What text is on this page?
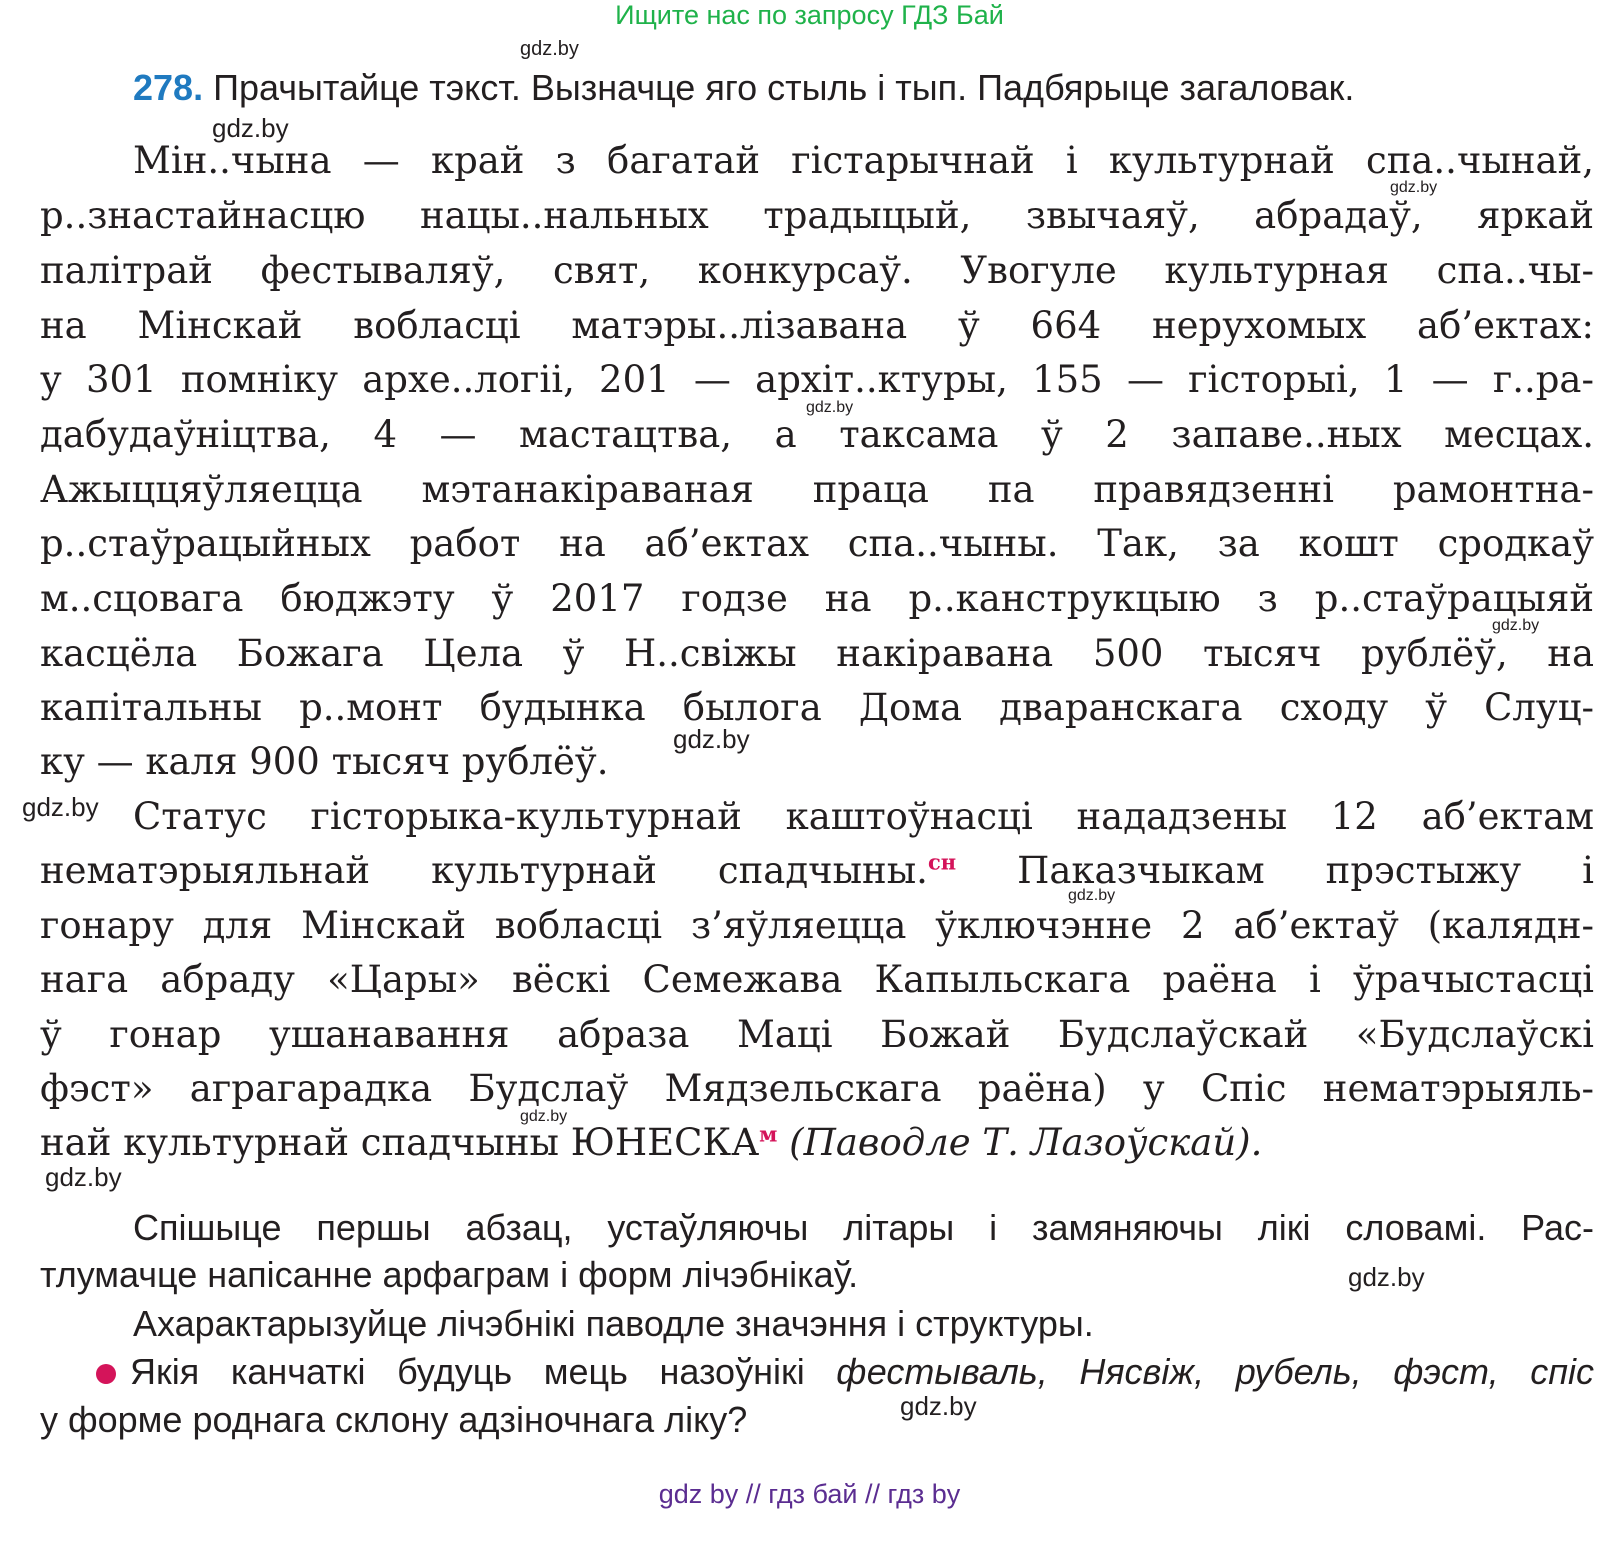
Ищите нас по запросу ГДЗ Бай
gdz.by
gdz.by
gdz.by
gdz.by
gdz.by
gdz.by
gdz.by
gdz.by
gdz.by
gdz.by
gdz.by
gdz.by
278. Прачытайце тэкст. Вызначце яго стыль і тып. Падбярыце загаловак.
Мін..чына — край з багатай гістарычнай і культурнай спа..чынай,
р..знастайнасцю нацы..нальных традыцый, звычаяў, абрадаў, яркай
палітрай фестываляў, свят, конкурсаў. Увогуле культурная спа..чы-
на Мінскай вобласці матэры..лізавана ў 664 нерухомых аб’ектах:
у 301 помніку архе..логіі, 201 — архіт..ктуры, 155 — гісторыі, 1 — г..ра-
дабудаўніцтва, 4 — мастацтва, а таксама ў 2 запаве..ных месцах.
Ажыццяўляецца мэтанакіраваная праца па правядзенні рамонтна-
р..стаўрацыйных работ на аб’ектах спа..чыны. Так, за кошт сродкаў
м..сцовага бюджэту ў 2017 годзе на р..канструкцыю з р..стаўрацыяй
касцёла Божага Цела ў Н..свіжы накіравана 500 тысяч рублёў, на
капітальны р..монт будынка былога Дома дваранскага сходу ў Слуц-
ку — каля 900 тысяч рублёў.
Статус гісторыка-культурнай каштоўнасці нададзены 12 аб’ектам
нематэрыяльнай культурнай спадчыны.$^{сн}$ Паказчыкам прэстыжу і
гонару для Мінскай вобласці з’яўляецца ўключэнне 2 аб’ектаў (калядн-
нага абраду «Цары» вёскі Семежава Капыльскага раёна і ўрачыстасці
ў гонар ушанавання абраза Маці Божай Будслаўскай «Будслаўскі
фэст» аграгарадка Будслаў Мядзельскага раёна) у Спіс нематэрыяль-
най культурнай спадчыны $ЮНЕСКА^м$ (Паводле Т. Лазоўскай).
Спішыце першы абзац, устаўляючы літары і замяняючы лікі словамі. Рас-
тлумачце напісанне арфаграм і форм лічэбнікаў.
Ахарактарызуйце лічэбнікі паводле значэння і структуры.
Якія канчаткі будуць мець назоўнікі фестываль, Нясвіж, рубель, фэст, спіс
у форме роднага склону адзіночнага ліку?
gdz by // гдз бай // гдз by
